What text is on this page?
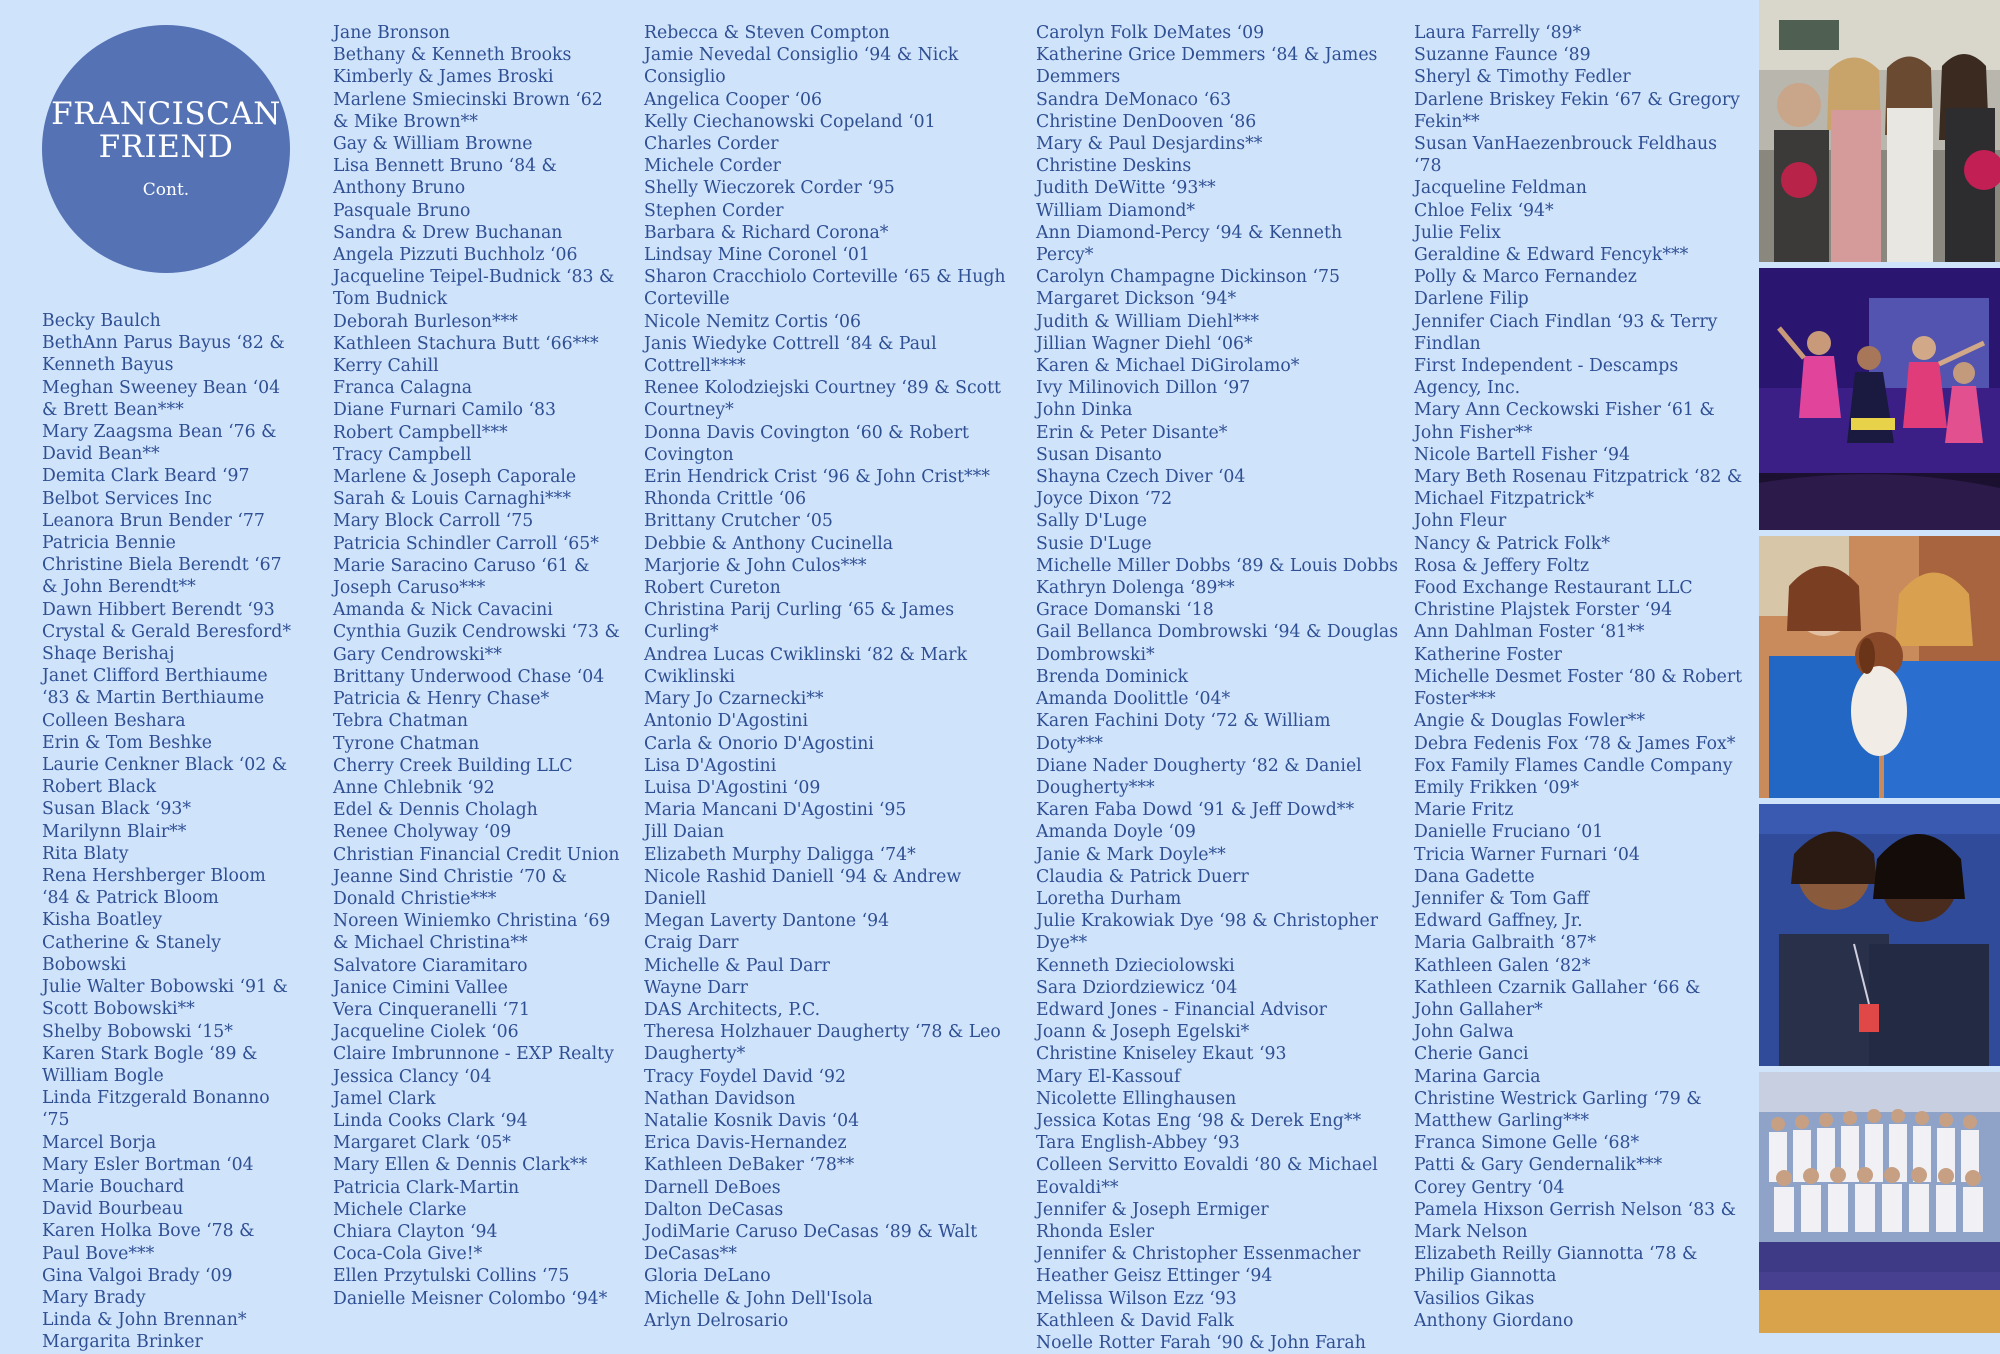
FRANCISCAN
FRIEND
Cont.
Becky Baulch
BethAnn Parus Bayus ‘82 & Kenneth Bayus
Meghan Sweeney Bean ‘04 & Brett Bean***
Mary Zaagsma Bean ‘76 & David Bean**
Demita Clark Beard ‘97
Belbot Services Inc
Leanora Brun Bender ‘77
Patricia Bennie
Christine Biela Berendt ‘67 & John Berendt**
Dawn Hibbert Berendt ‘93
Crystal & Gerald Beresford*
Shaqe Berishaj
Janet Clifford Berthiaume ‘83 & Martin Berthiaume
Colleen Beshara
Erin & Tom Beshke
Laurie Cenkner Black ‘02 & Robert Black
Susan Black ‘93*
Marilynn Blair**
Rita Blaty
Rena Hershberger Bloom ‘84 & Patrick Bloom
Kisha Boatley
Catherine & Stanely Bobowski
Julie Walter Bobowski ‘91 & Scott Bobowski**
Shelby Bobowski ‘15*
Karen Stark Bogle ‘89 & William Bogle
Linda Fitzgerald Bonanno ‘75
Marcel Borja
Mary Esler Bortman ‘04
Marie Bouchard
David Bourbeau
Karen Holka Bove ‘78 & Paul Bove***
Gina Valgoi Brady ‘09
Mary Brady
Linda & John Brennan*
Margarita Brinker
Jane Bronson
Bethany & Kenneth Brooks
Kimberly & James Broski
Marlene Smiecinski Brown ‘62 & Mike Brown**
Gay & William Browne
Lisa Bennett Bruno ‘84 & Anthony Bruno
Pasquale Bruno
Sandra & Drew Buchanan
Angela Pizzuti Buchholz ‘06
Jacqueline Teipel-Budnick ‘83 & Tom Budnick
Deborah Burleson***
Kathleen Stachura Butt ‘66***
Kerry Cahill
Franca Calagna
Diane Furnari Camilo ‘83
Robert Campbell***
Tracy Campbell
Marlene & Joseph Caporale
Sarah & Louis Carnaghi***
Mary Block Carroll ‘75
Patricia Schindler Carroll ‘65*
Marie Saracino Caruso ‘61 & Joseph Caruso***
Amanda & Nick Cavacini
Cynthia Guzik Cendrowski ‘73 & Gary Cendrowski**
Brittany Underwood Chase ‘04
Patricia & Henry Chase*
Tebra Chatman
Tyrone Chatman
Cherry Creek Building LLC
Anne Chlebnik ‘92
Edel & Dennis Cholagh
Renee Cholyway ‘09
Christian Financial Credit Union
Jeanne Sind Christie ‘70 & Donald Christie***
Noreen Winiemko Christina ‘69 & Michael Christina**
Salvatore Ciaramitaro
Janice Cimini Vallee
Vera Cinqueranelli ‘71
Jacqueline Ciolek ‘06
Claire Imbrunnone - EXP Realty
Jessica Clancy ‘04
Jamel Clark
Linda Cooks Clark ‘94
Margaret Clark ‘05*
Mary Ellen & Dennis Clark**
Patricia Clark-Martin
Michele Clarke
Chiara Clayton ‘94
Coca-Cola Give!*
Ellen Przytulski Collins ‘75
Danielle Meisner Colombo ‘94*
Rebecca & Steven Compton
Jamie Nevedal Consiglio ‘94 & Nick Consiglio
Angelica Cooper ‘06
Kelly Ciechanowski Copeland ‘01
Charles Corder
Michele Corder
Shelly Wieczorek Corder ‘95
Stephen Corder
Barbara & Richard Corona*
Lindsay Mine Coronel ‘01
Sharon Cracchiolo Corteville ‘65 & Hugh Corteville
Nicole Nemitz Cortis ‘06
Janis Wiedyke Cottrell ‘84 & Paul Cottrell****
Renee Kolodziejski Courtney ‘89 & Scott Courtney*
Donna Davis Covington ‘60 & Robert Covington
Erin Hendrick Crist ‘96 & John Crist***
Rhonda Crittle ‘06
Brittany Crutcher ‘05
Debbie & Anthony Cucinella
Marjorie & John Culos***
Robert Cureton
Christina Parij Curling ‘65 & James Curling*
Andrea Lucas Cwiklinski ‘82 & Mark Cwiklinski
Mary Jo Czarnecki**
Antonio D'Agostini
Carla & Onorio D'Agostini
Lisa D'Agostini
Luisa D'Agostini ‘09
Maria Mancani D'Agostini ‘95
Jill Daian
Elizabeth Murphy Daligga ‘74*
Nicole Rashid Daniell ‘94 & Andrew Daniell
Megan Laverty Dantone ‘94
Craig Darr
Michelle & Paul Darr
Wayne Darr
DAS Architects, P.C.
Theresa Holzhauer Daugherty ‘78 & Leo Daugherty*
Tracy Foydel David ‘92
Nathan Davidson
Natalie Kosnik Davis ‘04
Erica Davis-Hernandez
Kathleen DeBaker ‘78**
Darnell DeBoes
Dalton DeCasas
JodiMarie Caruso DeCasas ‘89 & Walt DeCasas**
Gloria DeLano
Michelle & John Dell'Isola
Arlyn Delrosario
Carolyn Folk DeMates ‘09
Katherine Grice Demmers ‘84 & James Demmers
Sandra DeMonaco ‘63
Christine DenDooven ‘86
Mary & Paul Desjardins**
Christine Deskins
Judith DeWitte ‘93**
William Diamond*
Ann Diamond-Percy ‘94 & Kenneth Percy*
Carolyn Champagne Dickinson ‘75
Margaret Dickson ‘94*
Judith & William Diehl***
Jillian Wagner Diehl ‘06*
Karen & Michael DiGirolamo*
Ivy Milinovich Dillon ‘97
John Dinka
Erin & Peter Disante*
Susan Disanto
Shayna Czech Diver ‘04
Joyce Dixon ‘72
Sally D'Luge
Susie D'Luge
Michelle Miller Dobbs ‘89 & Louis Dobbs
Kathryn Dolenga ‘89**
Grace Domanski ‘18
Gail Bellanca Dombrowski ‘94 & Douglas Dombrowski*
Brenda Dominick
Amanda Doolittle ‘04*
Karen Fachini Doty ‘72 & William Doty***
Diane Nader Dougherty ‘82 & Daniel Dougherty***
Karen Faba Dowd ‘91 & Jeff Dowd**
Amanda Doyle ‘09
Janie & Mark Doyle**
Claudia & Patrick Duerr
Loretha Durham
Julie Krakowiak Dye ‘98 & Christopher Dye**
Kenneth Dzieciolowski
Sara Dziordziewicz ‘04
Edward Jones - Financial Advisor
Joann & Joseph Egelski*
Christine Kniseley Ekaut ‘93
Mary El-Kassouf
Nicolette Ellinghausen
Jessica Kotas Eng ‘98 & Derek Eng**
Tara English-Abbey ‘93
Colleen Servitto Eovaldi ‘80 & Michael Eovaldi**
Jennifer & Joseph Ermiger
Rhonda Esler
Jennifer & Christopher Essenmacher
Heather Geisz Ettinger ‘94
Melissa Wilson Ezz ‘93
Kathleen & David Falk
Noelle Rotter Farah ‘90 & John Farah
Laura Farrelly ‘89*
Suzanne Faunce ‘89
Sheryl & Timothy Fedler
Darlene Briskey Fekin ‘67 & Gregory Fekin**
Susan VanHaezenbrouck Feldhaus ‘78
Jacqueline Feldman
Chloe Felix ‘94*
Julie Felix
Geraldine & Edward Fencyk***
Polly & Marco Fernandez
Darlene Filip
Jennifer Ciach Findlan ‘93 & Terry Findlan
First Independent - Descamps Agency, Inc.
Mary Ann Ceckowski Fisher ‘61 & John Fisher**
Nicole Bartell Fisher ‘94
Mary Beth Rosenau Fitzpatrick ‘82 & Michael Fitzpatrick*
John Fleur
Nancy & Patrick Folk*
Rosa & Jeffery Foltz
Food Exchange Restaurant LLC
Christine Plajstek Forster ‘94
Ann Dahlman Foster ‘81**
Katherine Foster
Michelle Desmet Foster ‘80 & Robert Foster***
Angie & Douglas Fowler**
Debra Fedenis Fox ‘78 & James Fox*
Fox Family Flames Candle Company
Emily Frikken ‘09*
Marie Fritz
Danielle Fruciano ‘01
Tricia Warner Furnari ‘04
Dana Gadette
Jennifer & Tom Gaff
Edward Gaffney, Jr.
Maria Galbraith ‘87*
Kathleen Galen ‘82*
Kathleen Czarnik Gallaher ‘66 & John Gallaher*
John Galwa
Cherie Ganci
Marina Garcia
Christine Westrick Garling ‘79 & Matthew Garling***
Franca Simone Gelle ‘68*
Patti & Gary Gendernalik***
Corey Gentry ‘04
Pamela Hixson Gerrish Nelson ‘83 & Mark Nelson
Elizabeth Reilly Giannotta ‘78 & Philip Giannotta
Vasilios Gikas
Anthony Giordano
